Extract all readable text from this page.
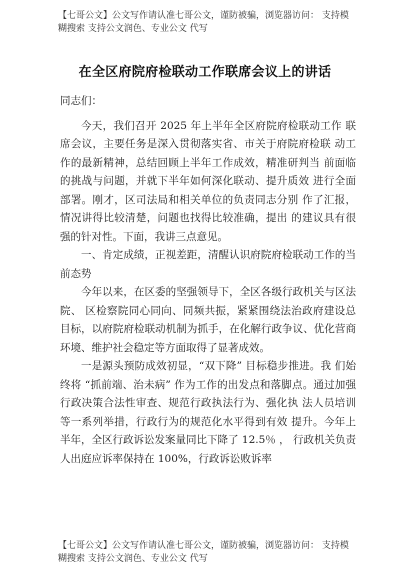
【七哥公文】公文写作请认准七哥公文，谨防被骗，浏览器访问： 支持模
糊搜索 支持公文润色、专业公文 代写
在全区府院府检联动工作联席会议上的讲话

同志们：

今天，我们召开 2025 年上半年全区府院府检联动工作 联席会议，主要任务是深入贯彻落实省、市关于府院府检联 动工作的最新精神，总结回顾上半年工作成效，精准研判当 前面临的挑战与问题，并就下半年如何深化联动、提升质效 进行全面部署。刚才，区司法局和相关单位的负责同志分别 作了汇报，情况讲得比较清楚，问题也找得比较准确，提出 的建议具有很强的针对性。下面，我讲三点意见。

一、肯定成绩，正视差距，清醒认识府院府检联动工作的当前态势

今年以来，在区委的坚强领导下，全区各级行政机关与区法院、 区检察院同心同向、同频共振，紧紧围绕法治政府建设总目标，以府院府检联动机制为抓手，在化解行政争议、优化营商环境、维护社会稳定等方面取得了显著成效。

一是源头预防成效初显，“双下降” 目标稳步推进。我 们始终将 “抓前端、治未病” 作为工作的出发点和落脚点。通过加强行政决策合法性审查、规范行政执法行为、强化执 法人员培训等一系列举措，行政行为的规范化水平得到有效 提升。今年上半年，全区行政诉讼发案量同比下降了 12.5％ ， 行政机关负责人出庭应诉率保持在 100%，行政诉讼败诉率

【七哥公文】公文写作请认准七哥公文，谨防被骗，浏览器访问： 支持模
糊搜索 支持公文润色、专业公文 代写
